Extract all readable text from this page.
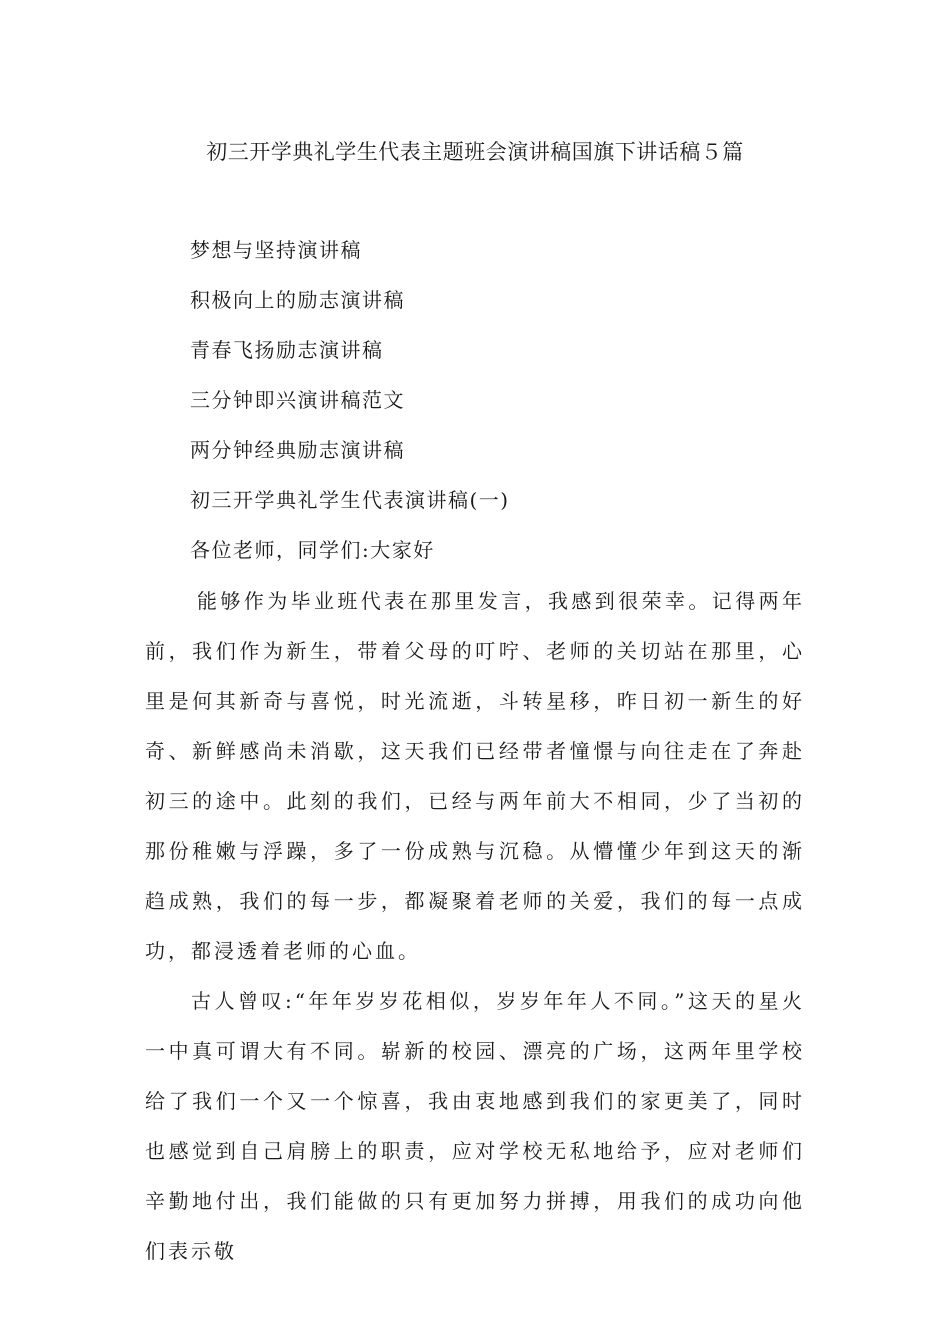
初三开学典礼学生代表主题班会演讲稿国旗下讲话稿５篇
梦想与坚持演讲稿
积极向上的励志演讲稿
青春飞扬励志演讲稿
三分钟即兴演讲稿范文
两分钟经典励志演讲稿
初三开学典礼学生代表演讲稿(一)
各位老师，同学们:大家好

能够作为毕业班代表在那里发言，我感到很荣幸。记得两年前，我们作为新生，带着父母的叮咛、老师的关切站在那里，心里是何其新奇与喜悦，时光流逝，斗转星移，昨日初一新生的好奇、新鲜感尚未消歇，这天我们已经带者憧憬与向往走在了奔赴初三的途中。此刻的我们，已经与两年前大不相同，少了当初的那份稚嫩与浮躁，多了一份成熟与沉稳。从懵懂少年到这天的渐趋成熟，我们的每一步，都凝聚着老师的关爱，我们的每一点成功，都浸透着老师的心血。

古人曾叹:“年年岁岁花相似，岁岁年年人不同。”这天的星火一中真可谓大有不同。崭新的校园、漂亮的广场，这两年里学校给了我们一个又一个惊喜，我由衷地感到我们的家更美了，同时也感觉到自己肩膀上的职责，应对学校无私地给予，应对老师们辛勤地付出，我们能做的只有更加努力拼搏，用我们的成功向他们表示敬
